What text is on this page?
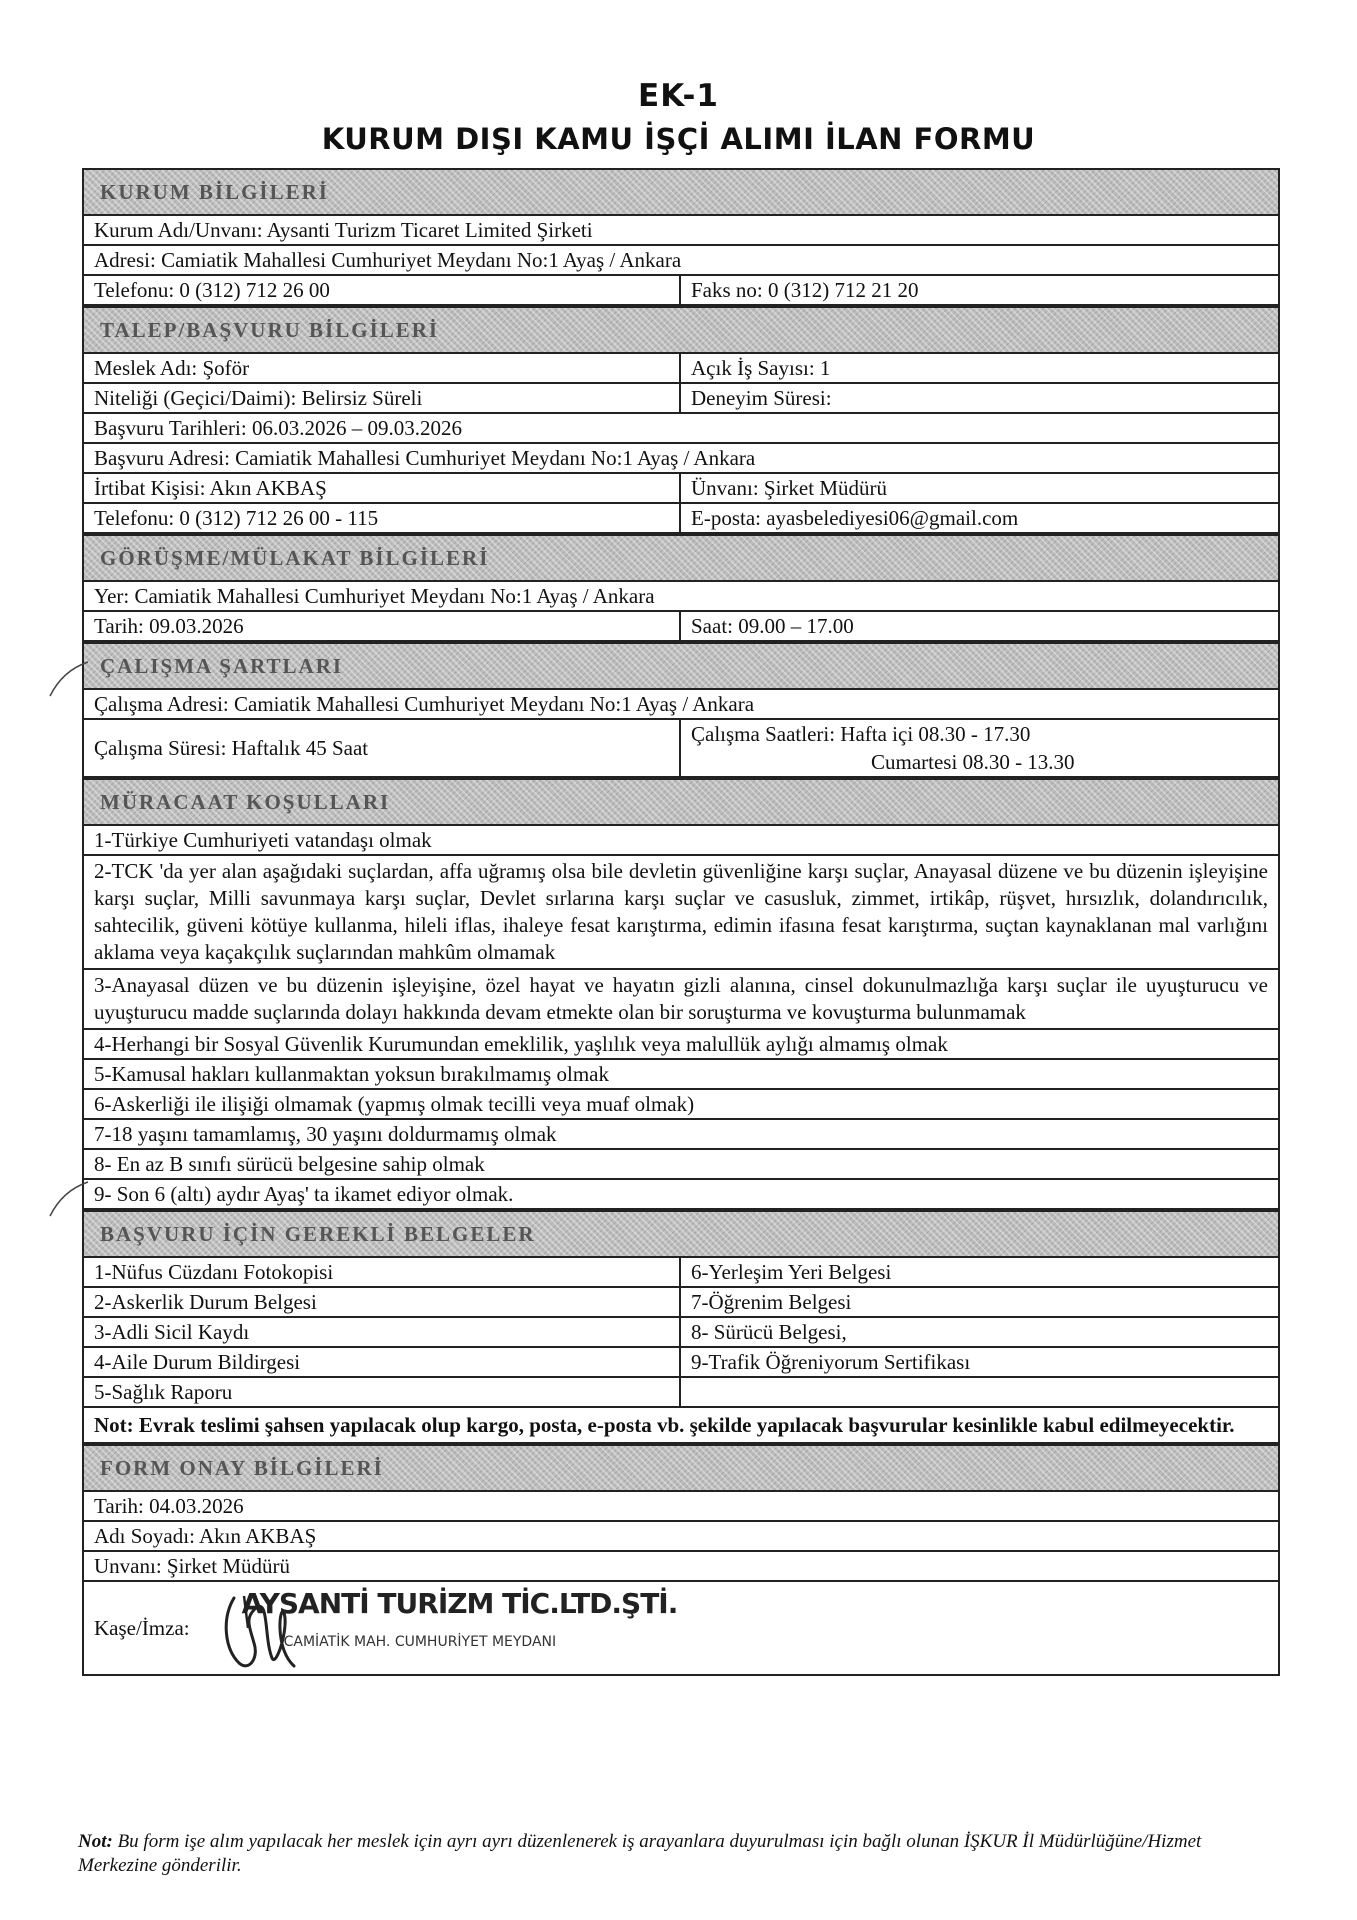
EK-1
KURUM DIŞI KAMU İŞÇİ ALIMI İLAN FORMU
KURUM BİLGİLERİ
Kurum Adı/Unvanı: Aysanti Turizm Ticaret Limited Şirketi
Adresi: Camiatik Mahallesi Cumhuriyet Meydanı No:1 Ayaş / Ankara
Telefonu: 0 (312) 712 26 00	Faks no: 0 (312) 712 21 20
TALEP/BAŞVURU BİLGİLERİ
Meslek Adı: Şoför	Açık İş Sayısı: 1
Niteliği (Geçici/Daimi): Belirsiz Süreli	Deneyim Süresi:
Başvuru Tarihleri: 06.03.2026 – 09.03.2026
Başvuru Adresi: Camiatik Mahallesi Cumhuriyet Meydanı No:1 Ayaş / Ankara
İrtibat Kişisi: Akın AKBAŞ	Ünvanı: Şirket Müdürü
Telefonu: 0 (312) 712 26 00 - 115	E-posta: ayasbelediyesi06@gmail.com
GÖRÜŞME/MÜLAKAT BİLGİLERİ
Yer: Camiatik Mahallesi Cumhuriyet Meydanı No:1 Ayaş / Ankara
Tarih: 09.03.2026	Saat: 09.00 – 17.00
ÇALIŞMA ŞARTLARI
Çalışma Adresi: Camiatik Mahallesi Cumhuriyet Meydanı No:1 Ayaş / Ankara
Çalışma Süresi: Haftalık 45 Saat
Çalışma Saatleri: Hafta içi 08.30 - 17.30
Cumartesi 08.30 - 13.30
MÜRACAAT KOŞULLARI
1-Türkiye Cumhuriyeti vatandaşı olmak
2-TCK 'da yer alan aşağıdaki suçlardan, affa uğramış olsa bile devletin güvenliğine karşı suçlar, Anayasal düzene ve bu düzenin işleyişine karşı suçlar, Milli savunmaya karşı suçlar, Devlet sırlarına karşı suçlar ve casusluk, zimmet, irtikâp, rüşvet, hırsızlık, dolandırıcılık, sahtecilik, güveni kötüye kullanma, hileli iflas, ihaleye fesat karıştırma, edimin ifasına fesat karıştırma, suçtan kaynaklanan mal varlığını aklama veya kaçakçılık suçlarından mahkûm olmamak
3-Anayasal düzen ve bu düzenin işleyişine, özel hayat ve hayatın gizli alanına, cinsel dokunulmazlığa karşı suçlar ile uyuşturucu ve uyuşturucu madde suçlarında dolayı hakkında devam etmekte olan bir soruşturma ve kovuşturma bulunmamak
4-Herhangi bir Sosyal Güvenlik Kurumundan emeklilik, yaşlılık veya malullük aylığı almamış olmak
5-Kamusal hakları kullanmaktan yoksun bırakılmamış olmak
6-Askerliği ile ilişiği olmamak (yapmış olmak tecilli veya muaf olmak)
7-18 yaşını tamamlamış, 30 yaşını doldurmamış olmak
8- En az B sınıfı sürücü belgesine sahip olmak
9- Son 6 (altı) aydır Ayaş' ta ikamet ediyor olmak.
BAŞVURU İÇİN GEREKLİ BELGELER
1-Nüfus Cüzdanı Fotokopisi	6-Yerleşim Yeri Belgesi
2-Askerlik Durum Belgesi	7-Öğrenim Belgesi
3-Adli Sicil Kaydı	8- Sürücü Belgesi,
4-Aile Durum Bildirgesi	9-Trafik Öğreniyorum Sertifikası
5-Sağlık Raporu
Not: Evrak teslimi şahsen yapılacak olup kargo, posta, e-posta vb. şekilde yapılacak başvurular kesinlikle kabul edilmeyecektir.
FORM ONAY BİLGİLERİ
Tarih: 04.03.2026
Adı Soyadı: Akın AKBAŞ
Unvanı: Şirket Müdürü
Kaşe/İmza:
AYSANTİ TURİZM TİC.LTD.ŞTİ.
CAMİATİK MAH. CUMHURİYET MEYDANI
Not: Bu form işe alım yapılacak her meslek için ayrı ayrı düzenlenerek iş arayanlara duyurulması için bağlı olunan İŞKUR İl Müdürlüğüne/Hizmet Merkezine gönderilir.
